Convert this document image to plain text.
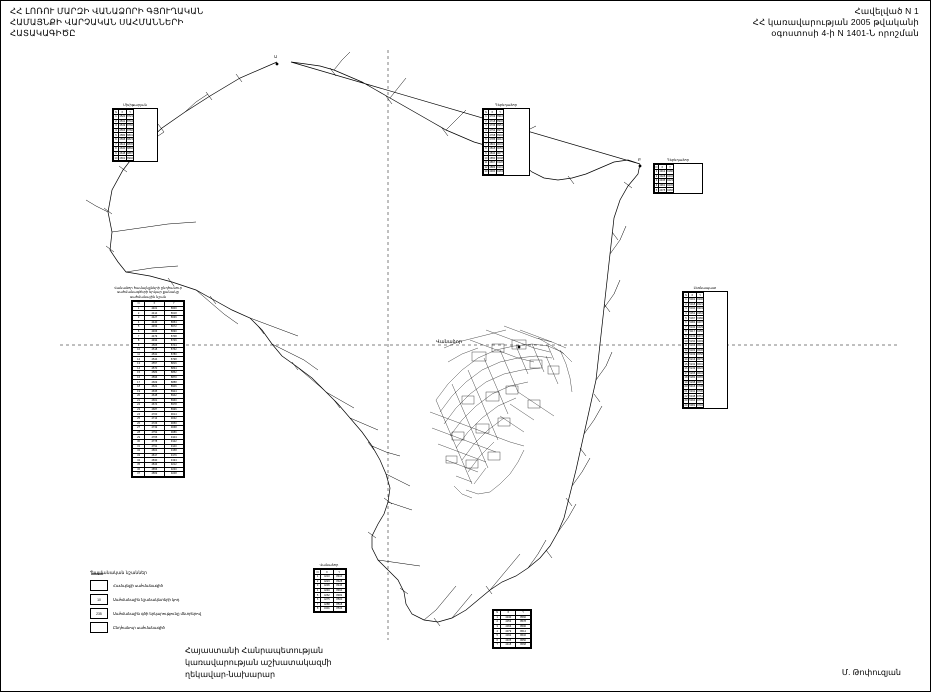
ՀՀ ԼՈՌՈՒ ՄԱՐԶԻ ՎԱՆԱՁՈՐԻ ԳՅՈՒՂԱԿԱՆ
ՀԱՄԱՅՆՔԻ ՎԱՐՉԱԿԱՆ ՍԱՀՄԱՆՆԵՐԻ
ՀԱՏԱԿԱԳԻԾԸ
Հավելված N 1
ՀՀ կառավարության 2005 թվականի
օգոստոսի 4-ի N 1401-Ն որոշման
Վանաձոր
Ա
Բ
Մխիթարյան
N	X	Y
1	4520	8721
2	4531	8744
3	4549	8760
4	4566	8782
5	4580	8801
6	4598	8823
7	4612	8845
8	4630	8866
9	4648	8887
10	4661	8902
Դեբեդաձոր
N	X	Y
1	4703	8910
2	4718	8932
3	4736	8951
4	4752	8973
5	4768	8994
6	4785	9012
7	4801	9034
8	4818	9056
9	4834	9077
10	4850	9098
11	4867	9120
12	4883	9141
13	4900	9163
Դեբեդաձոր
N	X	Y
1	4912	9180
2	4928	9202
3	4945	9223
4	4961	9245
5	4978	9266
Լեռնապատ
N	X	Y
1	5001	9300
2	5018	9321
3	5034	9343
4	5051	9364
5	5067	9386
6	5084	9407
7	5100	9429
8	5117	9450
9	5133	9472
10	5150	9493
11	5166	9515
12	5183	9536
13	5199	9558
14	5216	9579
15	5232	9601
16	5249	9622
17	5265	9644
18	5282	9665
19	5298	9687
20	5315	9708
21	5331	9730
22	5348	9751
23	5364	9773
24	5381	9794
Վանաձոր համայնքների ընդհանուր
սահմանագծերի երկար քանակը
սահմանային նշան
N	X	Y
1	4401	8600
2	4414	8618
3	4427	8636
4	4440	8654
5	4453	8672
6	4466	8690
7	4479	8708
8	4492	8726
9	4505	8744
10	4518	8762
11	4531	8780
12	4544	8798
13	4557	8816
14	4570	8834
15	4583	8852
16	4596	8870
17	4609	8888
18	4622	8906
19	4635	8924
20	4648	8942
21	4661	8960
22	4674	8978
23	4687	8996
24	4700	9014
25	4713	9032
26	4726	9050
27	4739	9068
28	4752	9086
29	4765	9104
30	4778	9122
31	4791	9140
32	4804	9158
33	4817	9176
34	4830	9194
35	4843	9212
36	4856	9230
37	4869	9248
Վանաձոր
N	X	Y
1	4210	8410
2	4223	8428
3	4236	8446
4	4249	8464
5	4262	8482
6	4275	8500
7	4288	8518
8	4301	8536
N	X	Y
1	4340	8560
2	4353	8578
3	4366	8596
4	4379	8614
5	4392	8632
6	4405	8650
7	4418	8668
Պայմանական նշաններ
Համայնքի սահմանագիծ
10	Սահմանային նշանակետերի կոդ
235	Սահմանային գծի երկարությունը մետրերով
Ընդհանուր սահմանագիծ
Հայաստանի Հանրապետության
կառավարության աշխատակազմի
ղեկավար-նախարար	Մ. Թոփուզյան
